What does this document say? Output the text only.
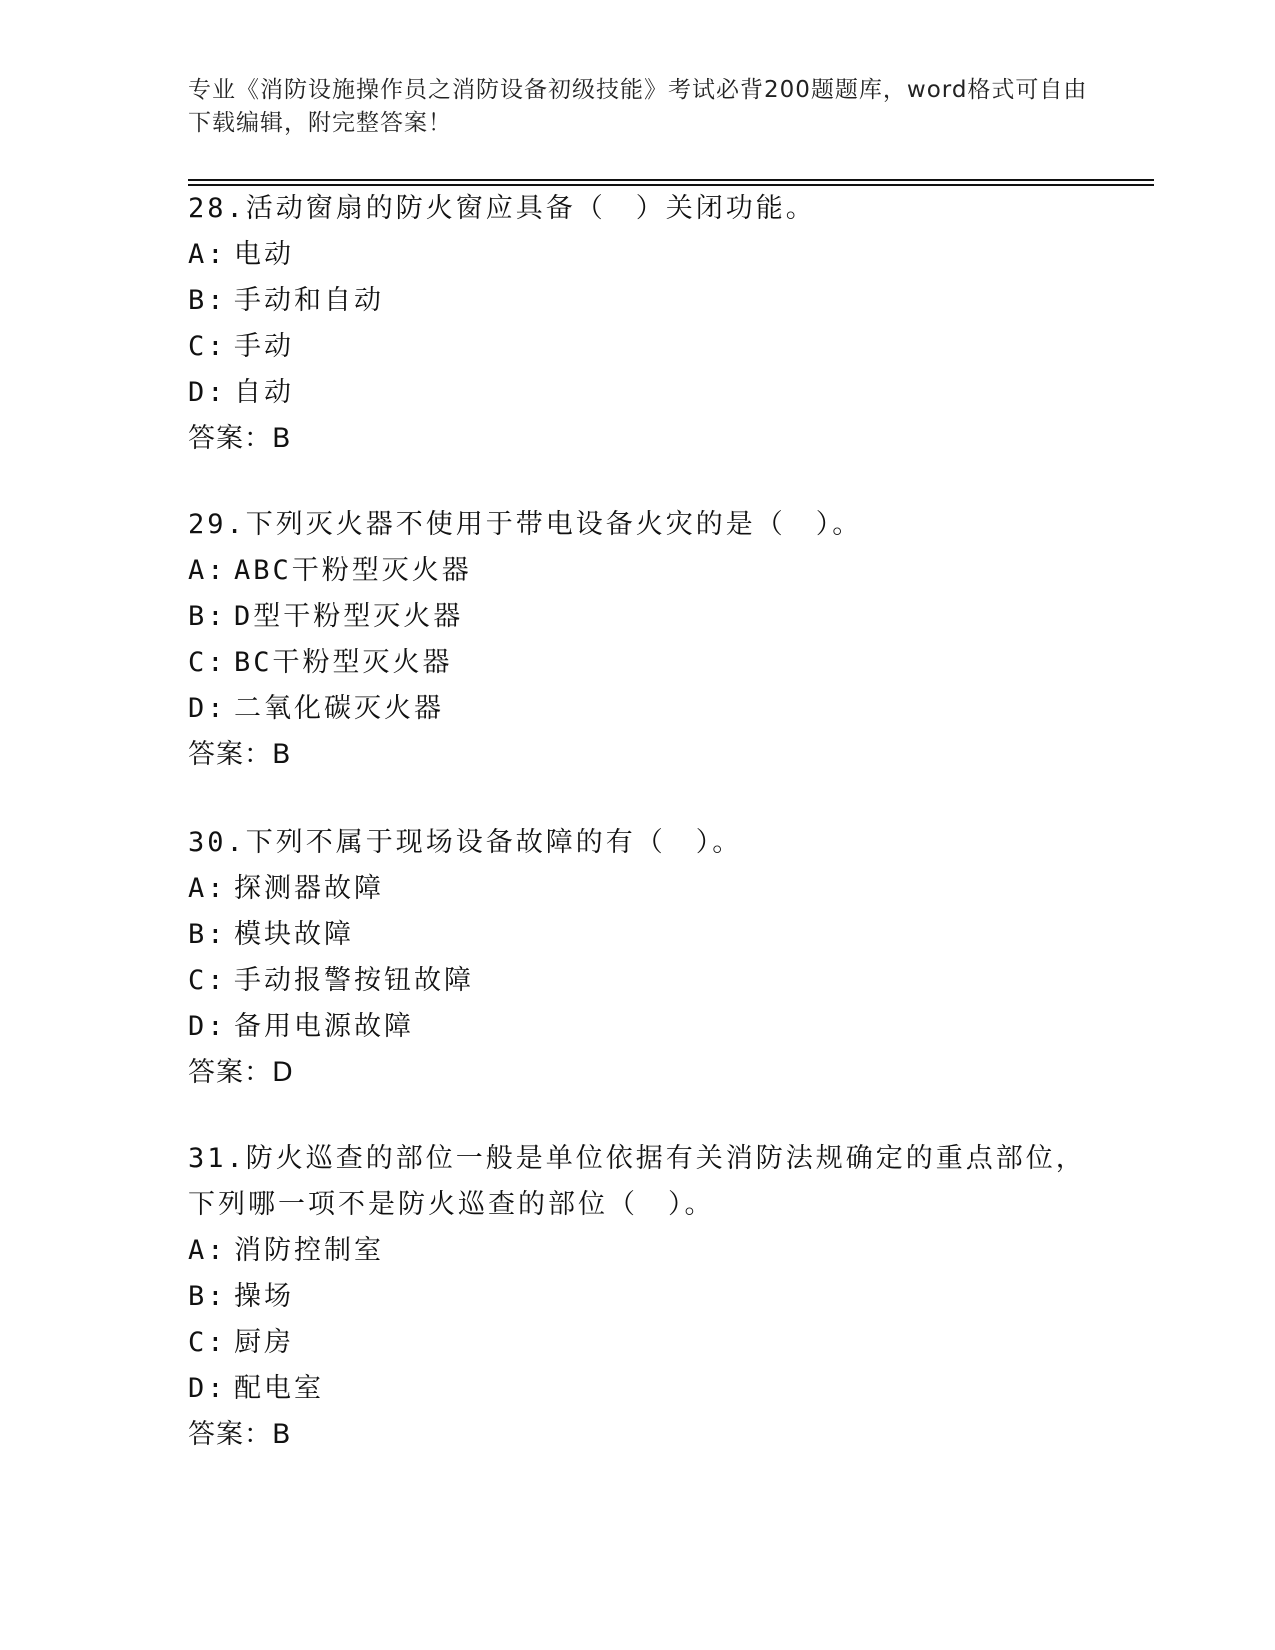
专业《消防设施操作员之消防设备初级技能》考试必背200题题库，word格式可自由下载编辑，附完整答案！
28.活动窗扇的防火窗应具备（　）关闭功能。
A: 电动
B: 手动和自动
C: 手动
D: 自动
答案：B
29.下列灭火器不使用于带电设备火灾的是（　）。
A: ABC干粉型灭火器
B: D型干粉型灭火器
C: BC干粉型灭火器
D: 二氧化碳灭火器
答案：B
30.下列不属于现场设备故障的有（　）。
A: 探测器故障
B: 模块故障
C: 手动报警按钮故障
D: 备用电源故障
答案：D
31.防火巡查的部位一般是单位依据有关消防法规确定的重点部位，下列哪一项不是防火巡查的部位（　）。
A: 消防控制室
B: 操场
C: 厨房
D: 配电室
答案：B
